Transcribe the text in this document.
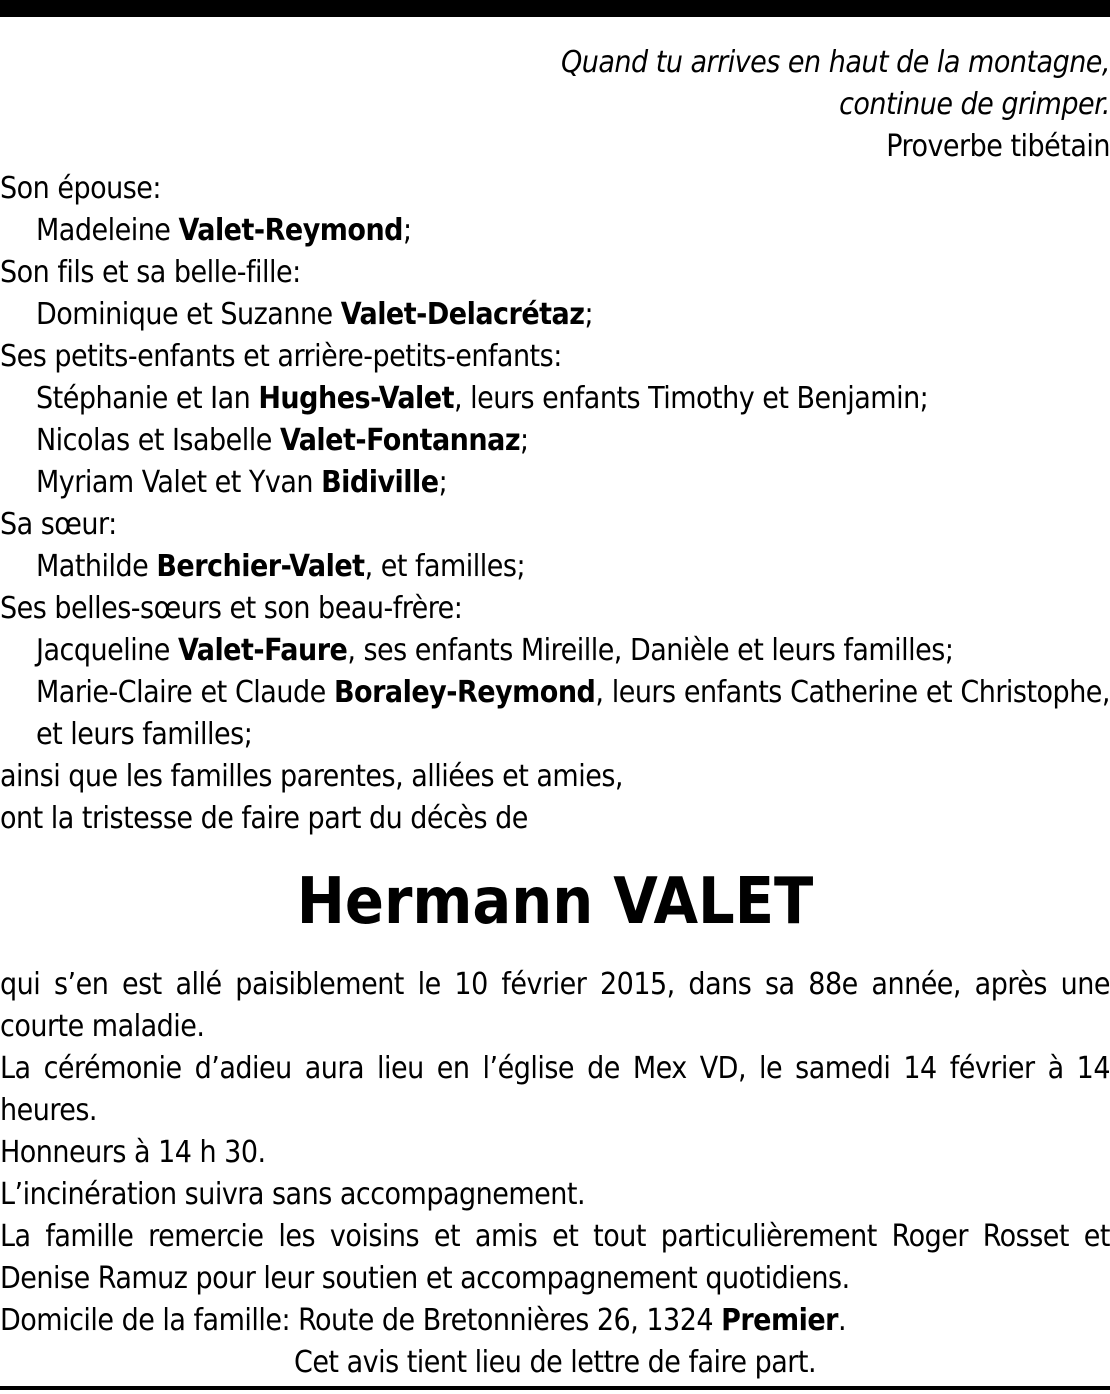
Quand tu arrives en haut de la montagne,
continue de grimper.
Proverbe tibétain
Son épouse:
Madeleine Valet-Reymond;
Son fils et sa belle-fille:
Dominique et Suzanne Valet-Delacrétaz;
Ses petits-enfants et arrière-petits-enfants:
Stéphanie et Ian Hughes-Valet, leurs enfants Timothy et Benjamin;
Nicolas et Isabelle Valet-Fontannaz;
Myriam Valet et Yvan Bidiville;
Sa sœur:
Mathilde Berchier-Valet, et familles;
Ses belles-sœurs et son beau-frère:
Jacqueline Valet-Faure, ses enfants Mireille, Danièle et leurs familles;
Marie-Claire et Claude Boraley-Reymond, leurs enfants Catherine et Christophe, et leurs familles;
ainsi que les familles parentes, alliées et amies,
ont la tristesse de faire part du décès de
Hermann VALET
qui s’en est allé paisiblement le 10 février 2015, dans sa 88e année, après une courte maladie.
La cérémonie d’adieu aura lieu en l’église de Mex VD, le samedi 14 février à 14 heures.
Honneurs à 14 h 30.
L’incinération suivra sans accompagnement.
La famille remercie les voisins et amis et tout particulièrement Roger Rosset et Denise Ramuz pour leur soutien et accompagnement quotidiens.
Domicile de la famille: Route de Bretonnières 26, 1324 Premier.
Cet avis tient lieu de lettre de faire part.
